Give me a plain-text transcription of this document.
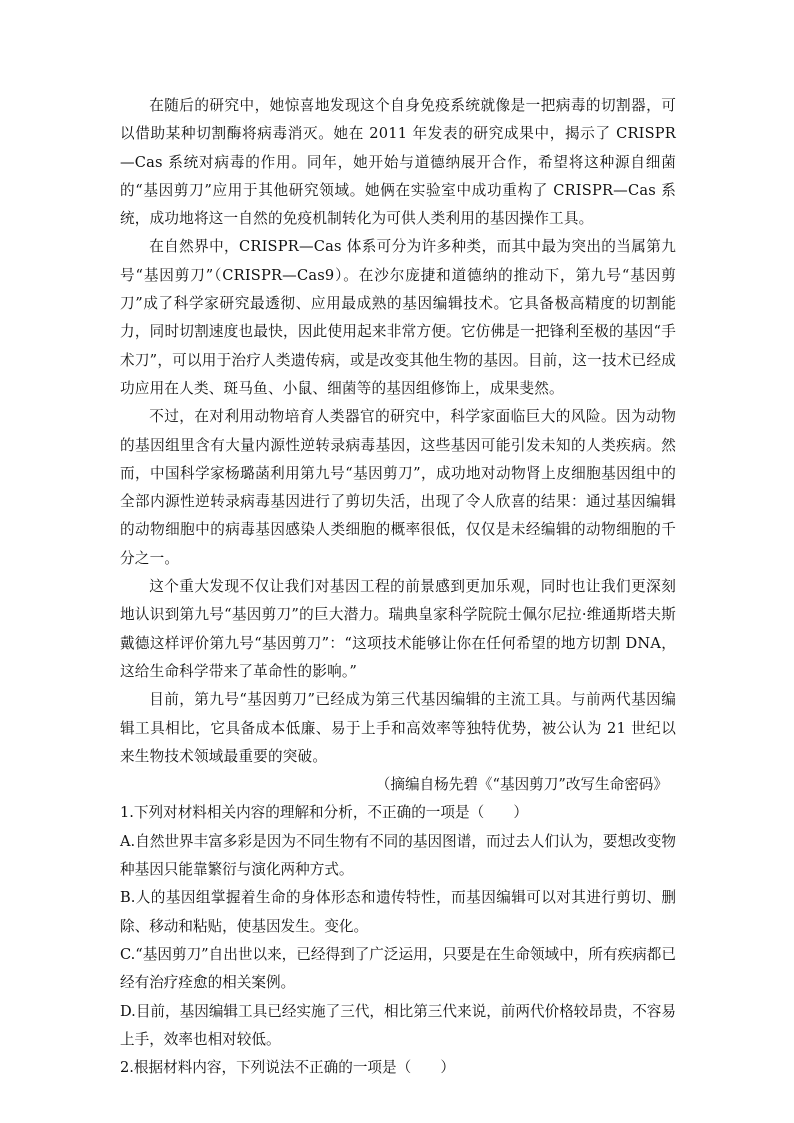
在随后的研究中，她惊喜地发现这个自身免疫系统就像是一把病毒的切割器，可以借助某种切割酶将病毒消灭。她在 2011 年发表的研究成果中，揭示了 CRISPR—Cas 系统对病毒的作用。同年，她开始与道德纳展开合作，希望将这种源自细菌的“基因剪刀”应用于其他研究领域。她俩在实验室中成功重构了 CRISPR—Cas 系统，成功地将这一自然的免疫机制转化为可供人类利用的基因操作工具。

在自然界中，CRISPR—Cas 体系可分为许多种类，而其中最为突出的当属第九号“基因剪刀”（CRISPR—Cas9）。在沙尔庞捷和道德纳的推动下，第九号“基因剪刀”成了科学家研究最透彻、应用最成熟的基因编辑技术。它具备极高精度的切割能力，同时切割速度也最快，因此使用起来非常方便。它仿佛是一把锋利至极的基因“手术刀”，可以用于治疗人类遗传病，或是改变其他生物的基因。目前，这一技术已经成功应用在人类、斑马鱼、小鼠、细菌等的基因组修饰上，成果斐然。

不过，在对利用动物培育人类器官的研究中，科学家面临巨大的风险。因为动物的基因组里含有大量内源性逆转录病毒基因，这些基因可能引发未知的人类疾病。然而，中国科学家杨璐菡利用第九号“基因剪刀”，成功地对动物肾上皮细胞基因组中的全部内源性逆转录病毒基因进行了剪切失活，出现了令人欣喜的结果：通过基因编辑的动物细胞中的病毒基因感染人类细胞的概率很低，仅仅是未经编辑的动物细胞的千分之一。

这个重大发现不仅让我们对基因工程的前景感到更加乐观，同时也让我们更深刻地认识到第九号“基因剪刀”的巨大潜力。瑞典皇家科学院院士佩尔尼拉·维通斯塔夫斯戴德这样评价第九号“基因剪刀”：“这项技术能够让你在任何希望的地方切割 DNA，这给生命科学带来了革命性的影响。”

目前，第九号“基因剪刀”已经成为第三代基因编辑的主流工具。与前两代基因编辑工具相比，它具备成本低廉、易于上手和高效率等独特优势，被公认为 21 世纪以来生物技术领域最重要的突破。

（摘编自杨先碧《“基因剪刀”改写生命密码》

1.下列对材料相关内容的理解和分析，不正确的一项是（　　）

A.自然世界丰富多彩是因为不同生物有不同的基因图谱，而过去人们认为，要想改变物种基因只能靠繁衍与演化两种方式。

B.人的基因组掌握着生命的身体形态和遗传特性，而基因编辑可以对其进行剪切、删除、移动和粘贴，使基因发生。变化。

C.“基因剪刀”自出世以来，已经得到了广泛运用，只要是在生命领域中，所有疾病都已经有治疗痊愈的相关案例。

D.目前，基因编辑工具已经实施了三代，相比第三代来说，前两代价格较昂贵，不容易上手，效率也相对较低。

2.根据材料内容，下列说法不正确的一项是（　　）
